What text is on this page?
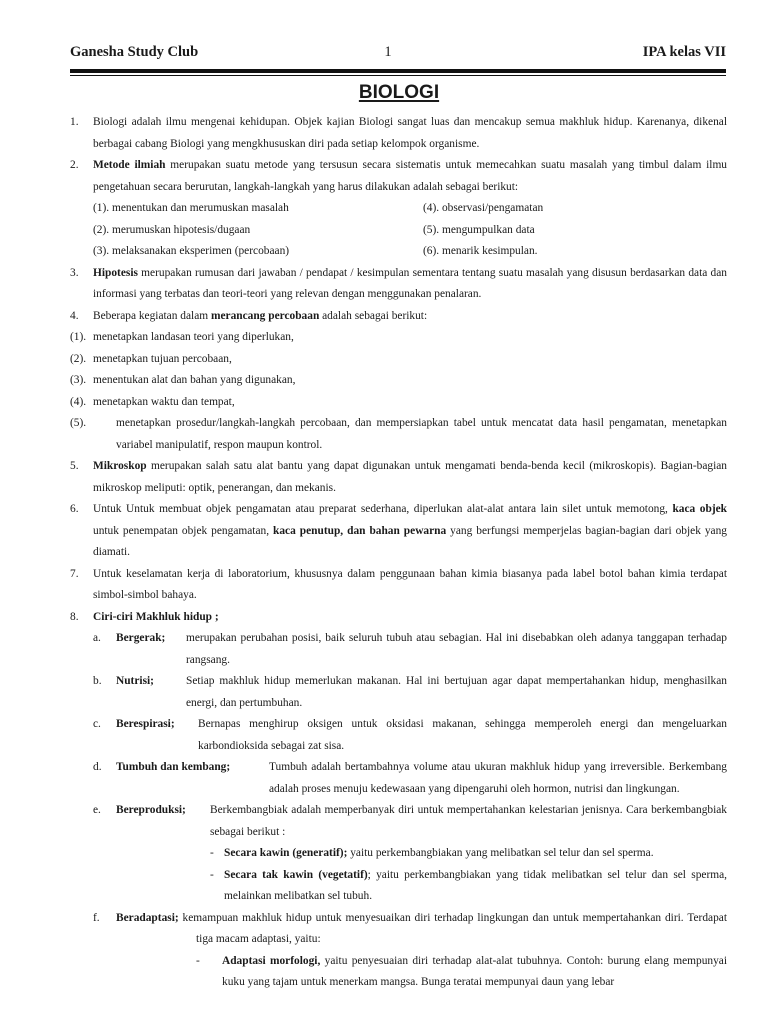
Ganesha Study Club	1	IPA kelas VII
BIOLOGI
1. Biologi adalah ilmu mengenai kehidupan. Objek kajian Biologi sangat luas dan mencakup semua makhluk hidup. Karenanya, dikenal berbagai cabang Biologi yang mengkhususkan diri pada setiap kelompok organisme.

2. Metode ilmiah merupakan suatu metode yang tersusun secara sistematis untuk memecahkan suatu masalah yang timbul dalam ilmu pengetahuan secara berurutan, langkah-langkah yang harus dilakukan adalah sebagai berikut:

(1). menentukan dan merumuskan masalah	(4). observasi/pengamatan
(2). merumuskan hipotesis/dugaan	(5). mengumpulkan data
(3). melaksanakan eksperimen (percobaan)	(6). menarik kesimpulan.
3. Hipotesis merupakan rumusan dari jawaban / pendapat / kesimpulan sementara tentang suatu masalah yang disusun berdasarkan data dan informasi yang terbatas dan teori-teori yang relevan dengan menggunakan penalaran.

4. Beberapa kegiatan dalam merancang percobaan adalah sebagai berikut:

(1). menetapkan landasan teori yang diperlukan,
(2). menetapkan tujuan percobaan,
(3). menentukan alat dan bahan yang digunakan,
(4). menetapkan waktu dan tempat,
(5).	menetapkan prosedur/langkah-langkah percobaan, dan mempersiapkan tabel untuk mencatat data hasil pengamatan, menetapkan variabel manipulatif, respon maupun kontrol.
5. Mikroskop merupakan salah satu alat bantu yang dapat digunakan untuk mengamati benda-benda kecil (mikroskopis). Bagian-bagian mikroskop meliputi: optik, penerangan, dan mekanis.

6. Untuk Untuk membuat objek pengamatan atau preparat sederhana, diperlukan alat-alat antara lain silet untuk memotong, kaca objek untuk penempatan objek pengamatan, kaca penutup, dan bahan pewarna yang berfungsi memperjelas bagian-bagian dari objek yang diamati.

7. Untuk keselamatan kerja di laboratorium, khususnya dalam penggunaan bahan kimia biasanya pada label botol bahan kimia terdapat simbol-simbol bahaya.

8. Ciri-ciri Makhluk hidup ;

a. Bergerak; merupakan perubahan posisi, baik seluruh tubuh atau sebagian. Hal ini disebabkan oleh adanya tanggapan terhadap rangsang.
b. Nutrisi;	Setiap makhluk hidup memerlukan makanan. Hal ini bertujuan agar dapat mempertahankan hidup, menghasilkan energi, dan pertumbuhan.
c. Berespirasi; Bernapas menghirup oksigen untuk oksidasi makanan, sehingga memperoleh energi dan mengeluarkan karbondioksida sebagai zat sisa.
d. Tumbuh dan kembang;	Tumbuh adalah bertambahnya volume atau ukuran makhluk hidup yang irreversible. Berkembang adalah proses menuju kedewasaan yang dipengaruhi oleh hormon, nutrisi dan lingkungan.
e. Bereproduksi; Berkembangbiak adalah memperbanyak diri untuk mempertahankan kelestarian jenisnya. Cara berkembangbiak sebagai berikut :
- Secara kawin (generatif); yaitu perkembangbiakan yang melibatkan sel telur dan sel sperma.
- Secara tak kawin (vegetatif); yaitu perkembangbiakan yang tidak melibatkan sel telur dan sel sperma, melainkan melibatkan sel tubuh.
f. Beradaptasi; kemampuan makhluk hidup untuk menyesuaikan diri terhadap lingkungan dan untuk mempertahankan diri. Terdapat tiga macam adaptasi, yaitu:
- Adaptasi morfologi, yaitu penyesuaian diri terhadap alat-alat tubuhnya. Contoh: burung elang mempunyai kuku yang tajam untuk menerkam mangsa. Bunga teratai mempunyai daun yang lebar
